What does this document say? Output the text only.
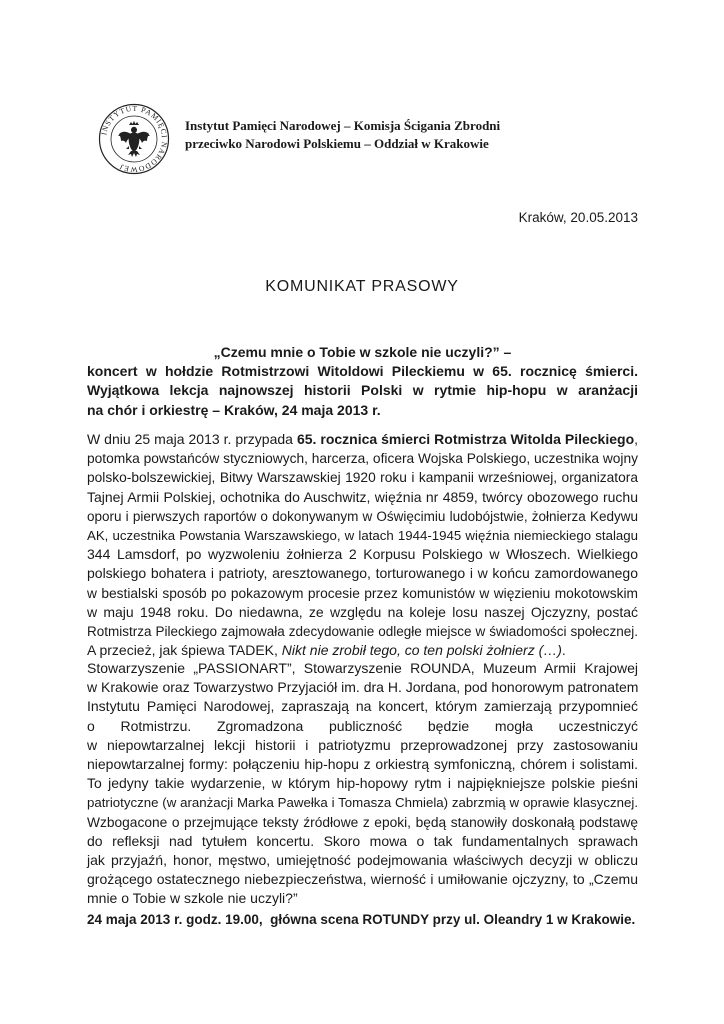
INSTYTUT PAMIĘCI NARODOWEJ
Instytut Pamięci Narodowej – Komisja Ścigania Zbrodni
przeciwko Narodowi Polskiemu – Oddział w Krakowie
Kraków, 20.05.2013
KOMUNIKAT PRASOWY
„Czemu mnie o Tobie w szkole nie uczyli?” –
koncert w hołdzie Rotmistrzowi Witoldowi Pileckiemu w 65. rocznicę śmierci.
Wyjątkowa lekcja najnowszej historii Polski w rytmie hip-hopu w aranżacji
na chór i orkiestrę – Kraków, 24 maja 2013 r.
W dniu 25 maja 2013 r. przypada 65. rocznica śmierci Rotmistrza Witolda Pileckiego,
potomka powstańców styczniowych, harcerza, oficera Wojska Polskiego, uczestnika wojny
polsko-bolszewickiej, Bitwy Warszawskiej 1920 roku i kampanii wrześniowej, organizatora
Tajnej Armii Polskiej, ochotnika do Auschwitz, więźnia nr 4859, twórcy obozowego ruchu
oporu i pierwszych raportów o dokonywanym w Oświęcimiu ludobójstwie, żołnierza Kedywu
AK, uczestnika Powstania Warszawskiego, w latach 1944-1945 więźnia niemieckiego stalagu
344 Lamsdorf, po wyzwoleniu żołnierza 2 Korpusu Polskiego w Włoszech. Wielkiego
polskiego bohatera i patrioty, aresztowanego, torturowanego i w końcu zamordowanego
w bestialski sposób po pokazowym procesie przez komunistów w więzieniu mokotowskim
w maju 1948 roku. Do niedawna, ze względu na koleje losu naszej Ojczyzny, postać
Rotmistrza Pileckiego zajmowała zdecydowanie odległe miejsce w świadomości społecznej.
A przecież, jak śpiewa TADEK, Nikt nie zrobił tego, co ten polski żołnierz (…).
Stowarzyszenie „PASSIONART”, Stowarzyszenie ROUNDA, Muzeum Armii Krajowej
w Krakowie oraz Towarzystwo Przyjaciół im. dra H. Jordana, pod honorowym patronatem
Instytutu Pamięci Narodowej, zapraszają na koncert, którym zamierzają przypomnieć
o Rotmistrzu. Zgromadzona publiczność będzie mogła uczestniczyć
w niepowtarzalnej lekcji historii i patriotyzmu przeprowadzonej przy zastosowaniu
niepowtarzalnej formy: połączeniu hip-hopu z orkiestrą symfoniczną, chórem i solistami.
To jedyny takie wydarzenie, w którym hip-hopowy rytm i najpiękniejsze polskie pieśni
patriotyczne (w aranżacji Marka Pawełka i Tomasza Chmiela) zabrzmią w oprawie klasycznej.
Wzbogacone o przejmujące teksty źródłowe z epoki, będą stanowiły doskonałą podstawę
do refleksji nad tytułem koncertu. Skoro mowa o tak fundamentalnych sprawach
jak przyjaźń, honor, męstwo, umiejętność podejmowania właściwych decyzji w obliczu
grożącego ostatecznego niebezpieczeństwa, wierność i umiłowanie ojczyzny, to „Czemu
mnie o Tobie w szkole nie uczyli?”
24 maja 2013 r. godz. 19.00,  główna scena ROTUNDY przy ul. Oleandry 1 w Krakowie.
